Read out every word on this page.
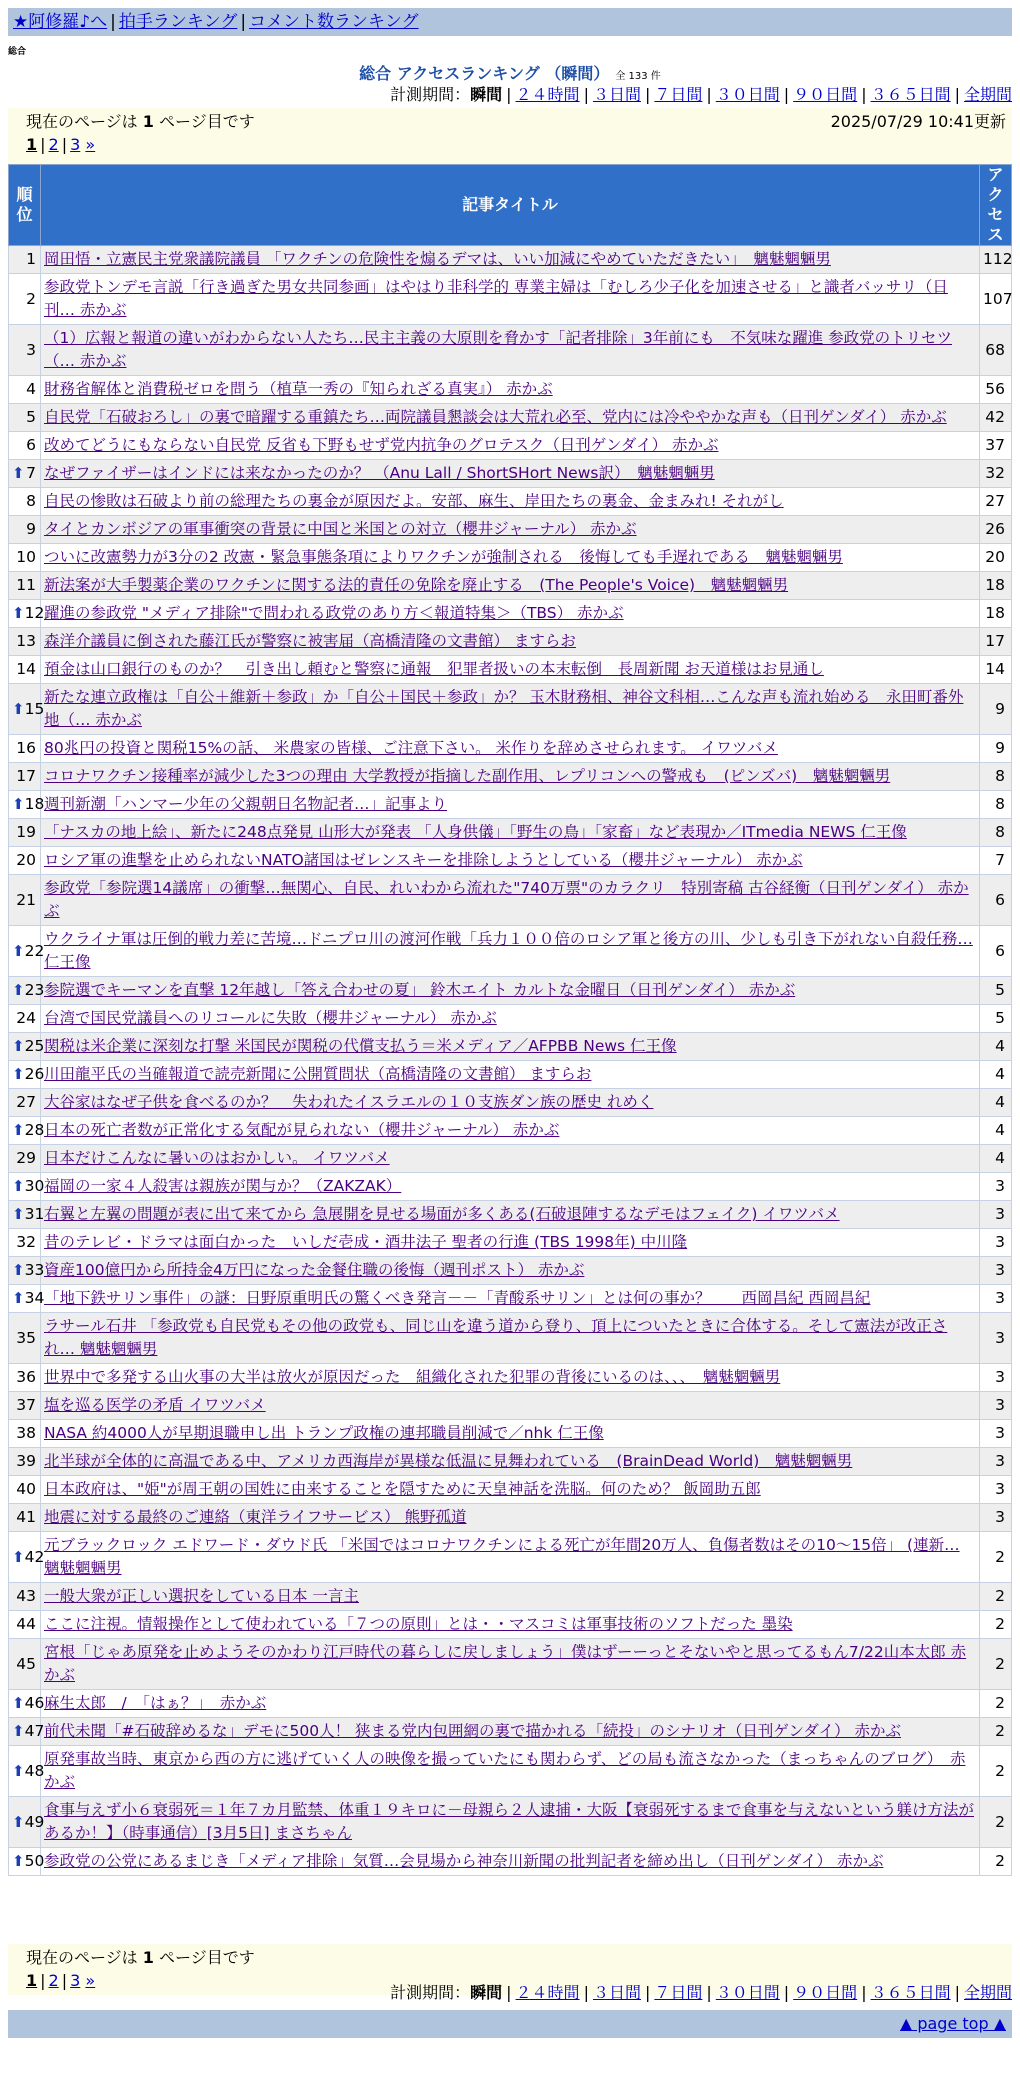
★阿修羅♪へ | 拍手ランキング | コメント数ランキング
総合
総合 アクセスランキング （瞬間） 全 133 件
計測期間：瞬間 | ２４時間 | ３日間 | ７日間 | ３０日間 | ９０日間 | ３６５日間 | 全期間
現在のページは 1 ページ目です	2025/07/29 10:41更新
1 | 2 | 3 »
順位	記事タイトル	アクセス
1	岡田悟・立憲民主党衆議院議員 「ワクチンの危険性を煽るデマは、いい加減にやめていただきたい」　魑魅魍魎男	112
2	参政党トンデモ言説「行き過ぎた男女共同参画」はやはり非科学的 専業主婦は「むしろ少子化を加速させる」と識者バッサリ（日刊… 赤かぶ	107
3	（1）広報と報道の違いがわからない人たち…民主主義の大原則を脅かす「記者排除」3年前にも　不気味な躍進 参政党のトリセツ（… 赤かぶ	68
4	財務省解体と消費税ゼロを問う（植草一秀の『知られざる真実』） 赤かぶ	56
5	自民党「石破おろし」の裏で暗躍する重鎮たち…両院議員懇談会は大荒れ必至、党内には冷ややかな声も（日刊ゲンダイ） 赤かぶ	42
6	改めてどうにもならない自民党 反省も下野もせず党内抗争のグロテスク（日刊ゲンダイ） 赤かぶ	37

⬆ 7	なぜファイザーはインドには来なかったのか？ （Anu Lall / ShortSHort News訳）　魑魅魍魎男	32
8	自民の惨敗は石破より前の総理たちの裏金が原因だよ。安部、麻生、岸田たちの裏金、金まみれ! それがし	27
9	タイとカンボジアの軍事衝突の背景に中国と米国との対立（櫻井ジャーナル） 赤かぶ	26
10	ついに改憲勢力が3分の2 改憲・緊急事態条項によりワクチンが強制される　後悔しても手遅れである　魑魅魍魎男	20
11	新法案が大手製薬企業のワクチンに関する法的責任の免除を廃止する　(The People's Voice)　魑魅魍魎男	18

⬆ 12	躍進の参政党 "メディア排除"で問われる政党のあり方＜報道特集＞（TBS） 赤かぶ	18
13	森洋介議員に倒された藤江氏が警察に被害届（高橋清隆の文書館） ますらお	17
14	預金は山口銀行のものか？　引き出し頼むと警察に通報　犯罪者扱いの本末転倒　長周新聞 お天道様はお見通し	14

⬆ 15	新たな連立政権は「自公＋維新＋参政」か「自公＋国民＋参政」か？ 玉木財務相、神谷文科相…こんな声も流れ始める　永田町番外地（… 赤かぶ	9
16	80兆円の投資と関税15%の話、 米農家の皆様、ご注意下さい。 米作りを辞めさせられます。 イワツバメ	9
17	コロナワクチン接種率が減少した3つの理由 大学教授が指摘した副作用、レプリコンへの警戒も　(ピンズバ)　魑魅魍魎男	8

⬆ 18	週刊新潮「ハンマー少年の父親朝日名物記者…」記事より	8
19	「ナスカの地上絵」、新たに248点発見 山形大が発表 「人身供儀」「野生の鳥」「家畜」など表現か／ITmedia NEWS 仁王像	8
20	ロシア軍の進撃を止められないNATO諸国はゼレンスキーを排除しようとしている（櫻井ジャーナル） 赤かぶ	7
21	参政党「参院選14議席」の衝撃…無関心、自民、れいわから流れた"740万票"のカラクリ　特別寄稿 古谷経衡（日刊ゲンダイ） 赤かぶ	6

⬆ 22	ウクライナ軍は圧倒的戦力差に苦境…ドニプロ川の渡河作戦「兵力１００倍のロシア軍と後方の川、少しも引き下がれない自殺任務… 仁王像	6

⬆ 23	参院選でキーマンを直撃 12年越し「答え合わせの夏」 鈴木エイト カルトな金曜日（日刊ゲンダイ） 赤かぶ	5
24	台湾で国民党議員へのリコールに失敗（櫻井ジャーナル） 赤かぶ	5

⬆ 25	関税は米企業に深刻な打撃 米国民が関税の代償支払う＝米メディア／AFPBB News 仁王像	4

⬆ 26	川田龍平氏の当確報道で読売新聞に公開質問状（高橋清隆の文書館） ますらお	4
27	大谷家はなぜ子供を食べるのか？　失われたイスラエルの１０支族ダン族の歴史 れめく	4

⬆ 28	日本の死亡者数が正常化する気配が見られない（櫻井ジャーナル） 赤かぶ	4
29	日本だけこんなに暑いのはおかしい。 イワツバメ	4

⬆ 30	福岡の一家４人殺害は親族が関与か？（ZAKZAK）	3

⬆ 31	右翼と左翼の問題が表に出て来てから 急展開を見せる場面が多くある(石破退陣するなデモはフェイク) イワツバメ	3
32	昔のテレビ・ドラマは面白かった＿いしだ壱成・酒井法子 聖者の行進 (TBS 1998年) 中川隆	3

⬆ 33	資産100億円から所持金4万円になった金餐住職の後悔（週刊ポスト） 赤かぶ	3

⬆ 34	「地下鉄サリン事件」の謎：日野原重明氏の驚くべき発言－－「青酸系サリン」とは何の事か？　　西岡昌紀 西岡昌紀	3
35	ラサール石井 「参政党も自民党もその他の政党も、同じ山を違う道から登り、頂上についたときに合体する。そして憲法が改正され… 魑魅魍魎男	3
36	世界中で多発する山火事の大半は放火が原因だった　組織化された犯罪の背後にいるのは、、、　魑魅魍魎男	3
37	塩を巡る医学の矛盾 イワツバメ	3
38	NASA 約4000人が早期退職申し出 トランプ政権の連邦職員削減で／nhk 仁王像	3
39	北半球が全体的に高温である中、アメリカ西海岸が異様な低温に見舞われている　(BrainDead World)　魑魅魍魎男	3
40	日本政府は、"姫"が周王朝の国姓に由来することを隠すために天皇神話を洗脳。何のため？ 飯岡助五郎	3
41	地震に対する最終のご連絡（東洋ライフサービス） 熊野孤道	3

⬆ 42	元ブラックロック エドワード・ダウド氏 「米国ではコロナワクチンによる死亡が年間20万人、負傷者数はその10～15倍」 (連新… 魑魅魍魎男	2
43	一般大衆が正しい選択をしている日本 一言主	2
44	ここに注視。情報操作として使われている「７つの原則」とは・・マスコミは軍事技術のソフトだった 墨染	2
45	宮根「じゃあ原発を止めようそのかわり江戸時代の暮らしに戻しましょう」僕はずーーっとそないやと思ってるもん7/22山本太郎 赤かぶ	2

⬆ 46	麻生太郎　/　「はぁ？」　赤かぶ	2

⬆ 47	前代未聞「#石破辞めるな」デモに500人！ 狭まる党内包囲網の裏で描かれる「続投」のシナリオ（日刊ゲンダイ） 赤かぶ	2

⬆ 48	原発事故当時、東京から西の方に逃げていく人の映像を撮っていたにも関わらず、どの局も流さなかった（まっちゃんのブログ）　赤かぶ	2

⬆ 49	食事与えず小６衰弱死＝１年７カ月監禁、体重１９キロに－母親ら２人逮捕・大阪【衰弱死するまで食事を与えないという躾け方法があるか！】（時事通信）[3月5日] まさちゃん	2

⬆ 50	参政党の公党にあるまじき「メディア排除」気質…会見場から神奈川新聞の批判記者を締め出し（日刊ゲンダイ） 赤かぶ	2
現在のページは 1 ページ目です
1 | 2 | 3 »
計測期間：瞬間 | ２４時間 | ３日間 | ７日間 | ３０日間 | ９０日間 | ３６５日間 | 全期間
▲ page top ▲
